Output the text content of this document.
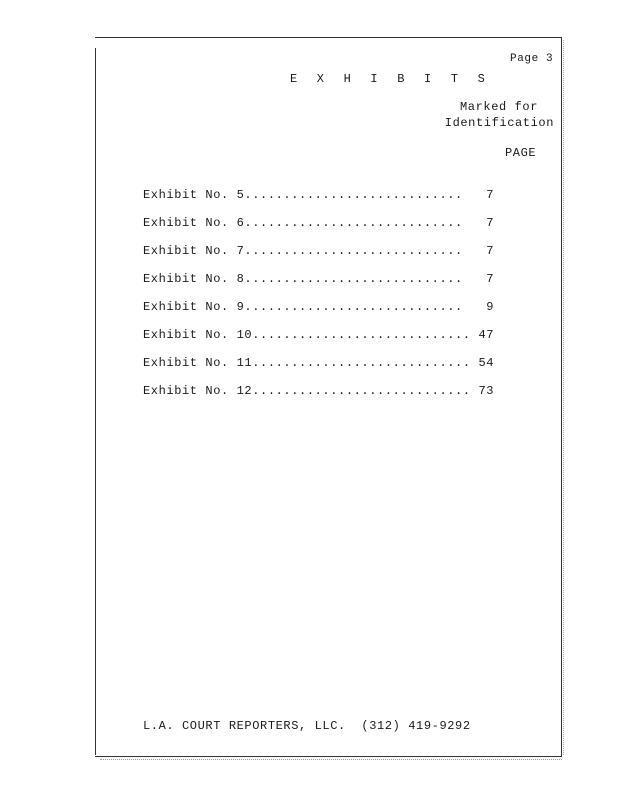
Page 3
E X H I B I T S
Marked for
Identification
PAGE
Exhibit No. 5............................   7
Exhibit No. 6............................   7
Exhibit No. 7............................   7
Exhibit No. 8............................   7
Exhibit No. 9............................   9
Exhibit No. 10............................ 47
Exhibit No. 11............................ 54
Exhibit No. 12............................ 73
L.A. COURT REPORTERS, LLC.  (312) 419-9292
